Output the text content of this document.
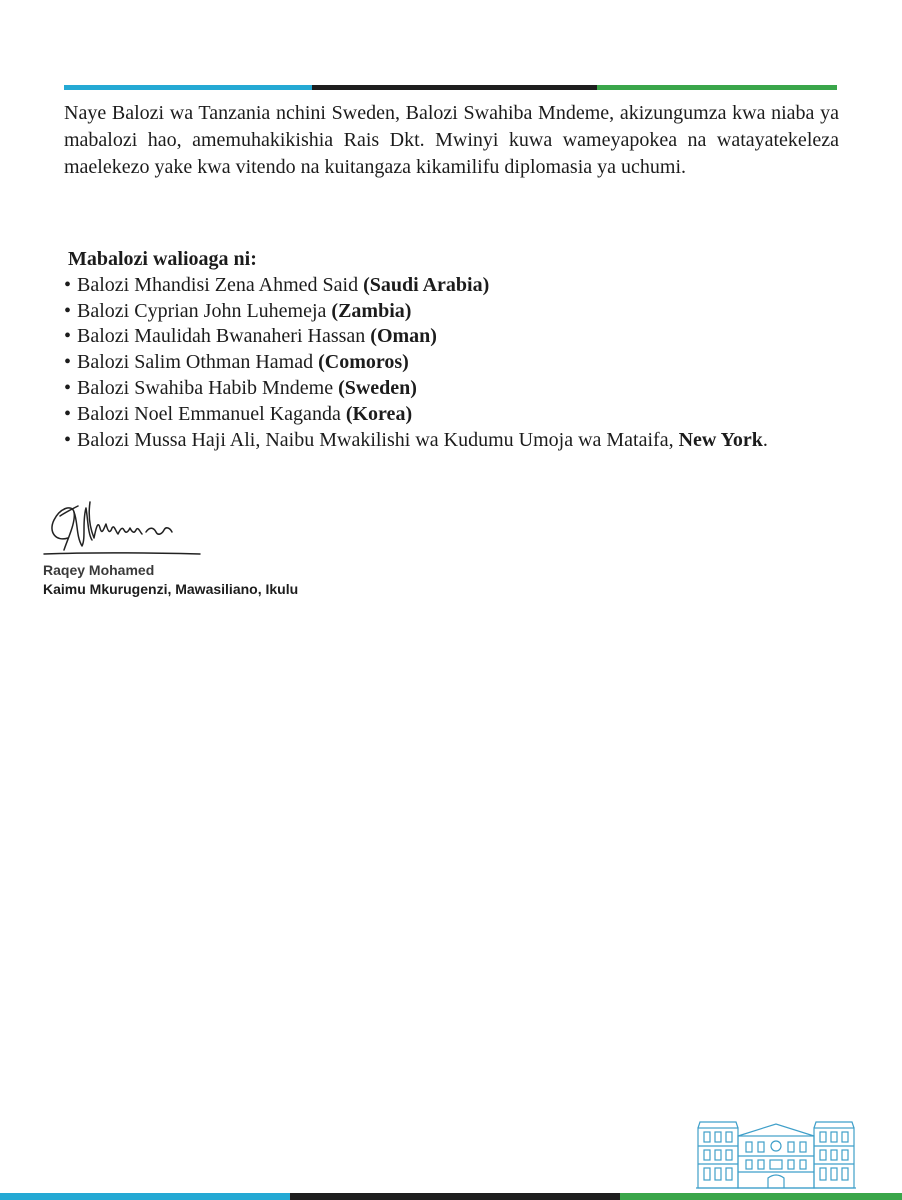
Naye Balozi wa Tanzania nchini Sweden, Balozi Swahiba Mndeme, akizungumza kwa niaba ya mabalozi hao, amemuhakikishia Rais Dkt. Mwinyi kuwa wameyapokea na watayatekeleza maelekezo yake kwa vitendo na kuitangaza kikamilifu diplomasia ya uchumi.

Mabalozi walioaga ni:

• Balozi Mhandisi Zena Ahmed Said (Saudi Arabia)
• Balozi Cyprian John Luhemeja (Zambia)
• Balozi Maulidah Bwanaheri Hassan (Oman)
• Balozi Salim Othman Hamad (Comoros)
• Balozi Swahiba Habib Mndeme (Sweden)
• Balozi Noel Emmanuel Kaganda (Korea)
• Balozi Mussa Haji Ali, Naibu Mwakilishi wa Kudumu Umoja wa Mataifa, New York.

Raqey Mohamed

Kaimu Mkurugenzi, Mawasiliano, Ikulu
